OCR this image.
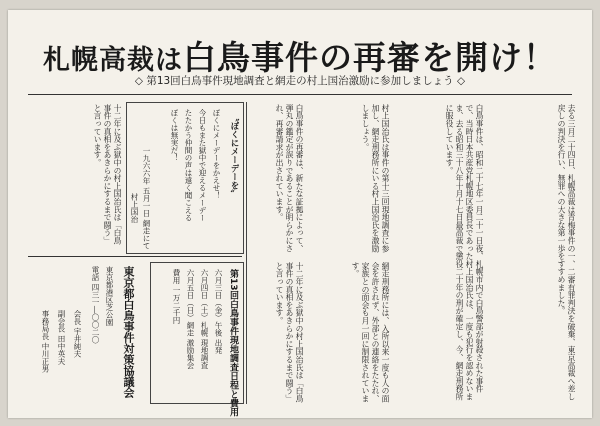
札幌高裁は白鳥事件の再審を開け！
◇ 第13回白鳥事件現地調査と網走の村上国治激励に参加しましょう ◇
去る三月二十四日、札幌高裁は青梅事件の一、二審有罪判決を破棄、東京高裁へ差し戻しの判決を行い、無罪への大きな第一歩をすすめました。
白鳥事件は、昭和二十七年一月二十一日夜、札幌市内で白鳥警部が射殺された事件で、当時日本共産党札幌地区委員長であった村上国治氏は、一度も犯行を認めないまま、去る昭和三十八年十月十七日最高裁で懲役二十年の刑が確定し、今、網走刑務所に服役しています。
村上国治氏は事件の第十三回現地調査に参加し、網走刑務所にいる村上国治氏を激励しましょう。
網走刑務所には、入所以来一度も人の面会を許されず、外部との連絡をたたれ、家族との面会も月一回に制限されています。
白鳥事件の再審は、新たな証拠によって、弾丸の鑑定が誤りであることが明らかにされ、再審請求が出されています。
十二年に及ぶ獄中の村上国治氏は「白鳥事件の真相をあきらかにするまで闘う」と言っています。
〝ぼくにメーデーを〟
ぼくにメーデーをかえせ！
今日もまた獄中で迎えるメーデー
たたかう仲間の声は遠く聞こえる
ぼくは無実だ！
一九六六年 五月一日 網走にて
村上国治
十二年に及ぶ獄中の村上国治氏は「白鳥事件の真相をあきらかにするまで闘う」と言っています。
第13回白鳥事件現地調査日程と費用
六月三日（金）午後 出発
六月四日（土）札幌 現地調査
六月五日（日）網走 激励集会
費用 一万二千円
東京都白鳥事件対策協議会
東京都港区芝公園
電話 四三一―〇〇二〇
会長 宇井純夫
副会長 田中英夫
事務局長 中川正男
